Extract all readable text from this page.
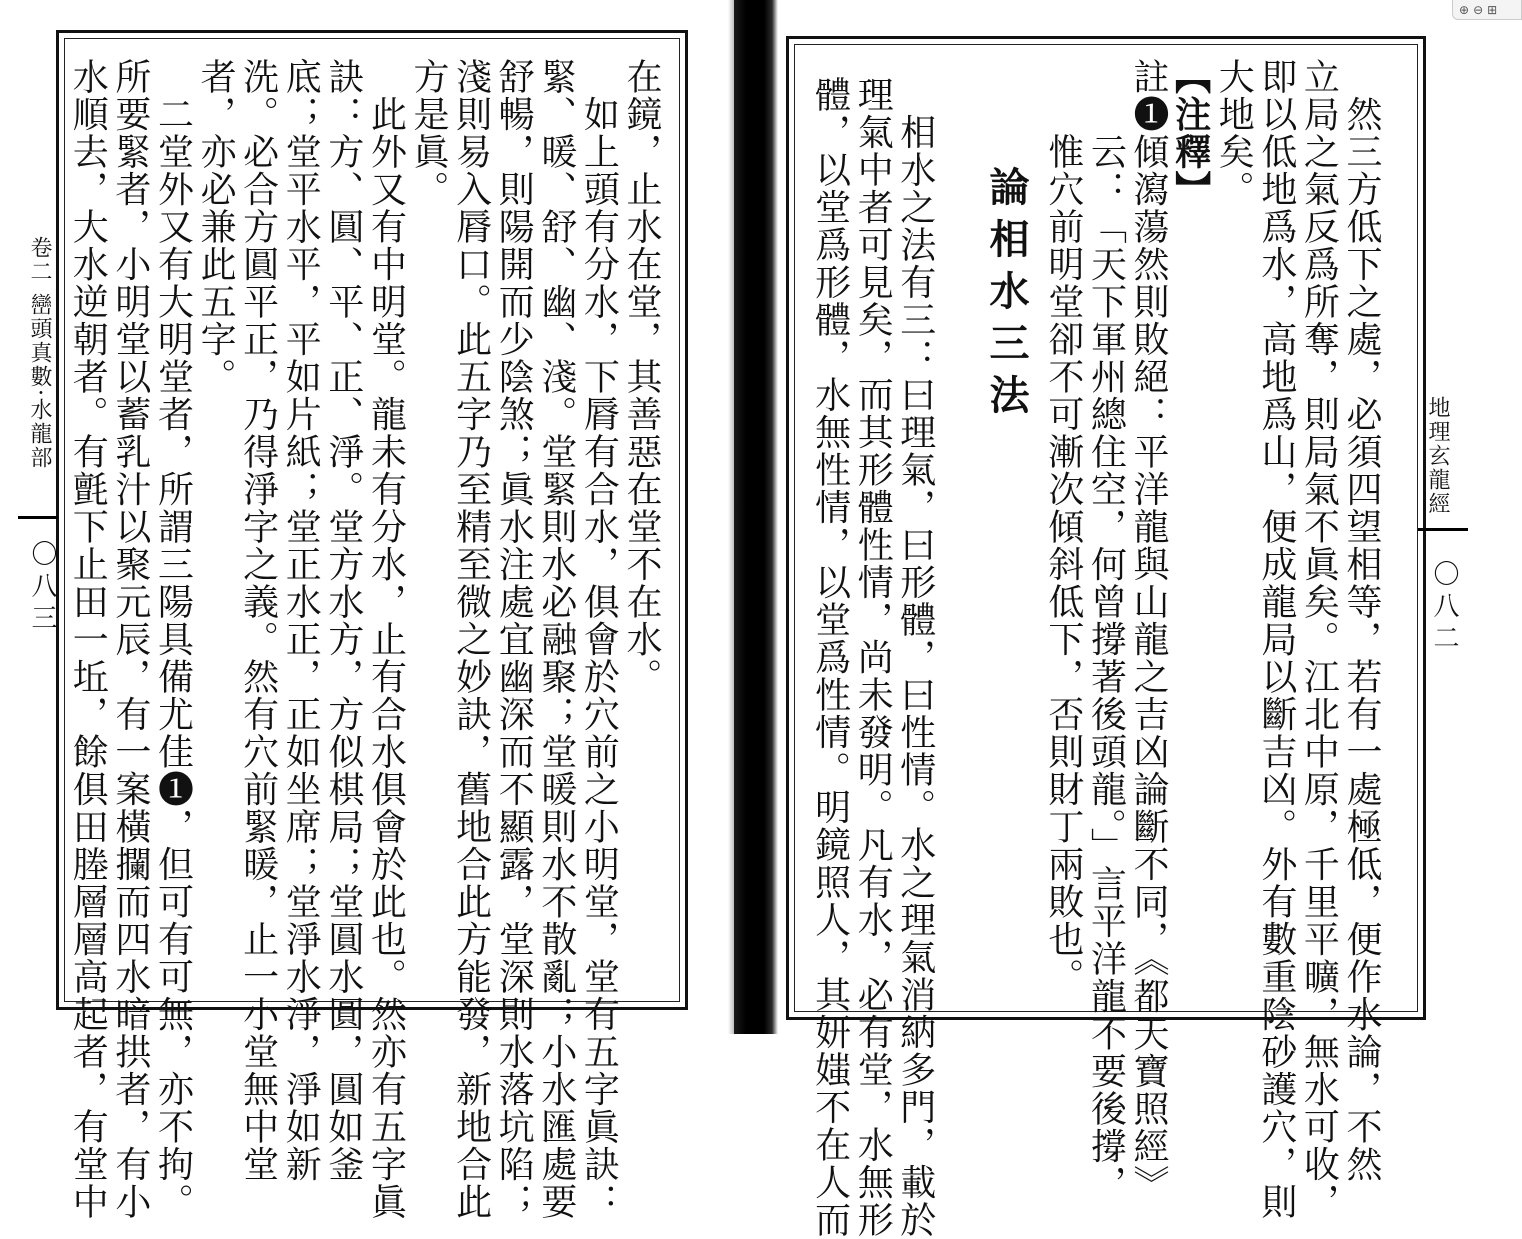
在鏡，止水在堂，其善惡在堂不在水。
　如上頭有分水，下脣有合水，俱會於穴前之小明堂，堂有五字眞訣：
緊、暖、舒、幽、淺。堂緊則水必融聚；堂暖則水不散亂；小水匯處要
舒暢，則陽開而少陰煞；眞水注處宜幽深而不顯露，堂深則水落坑陷；
淺則易入脣口。此五字乃至精至微之妙訣，舊地合此方能發，新地合此
方是眞。
　此外又有中明堂。龍未有分水，止有合水俱會於此也。然亦有五字眞
訣：方、圓、平、正、淨。堂方水方，方似棋局；堂圓水圓，圓如釜
底；堂平水平，平如片紙；堂正水正，正如坐席；堂淨水淨，淨如新
洗。必合方圓平正，乃得淨字之義。然有穴前緊暖，止一小堂無中堂
者，亦必兼此五字。
　二堂外又有大明堂者，所謂三陽具備尤佳❶，但可有可無，亦不拘。
所要緊者，小明堂以蓄乳汁以聚元辰，有一案橫攔而四水暗拱者，有小
水順去，大水逆朝者。有氈下止田一坵，餘俱田塍層層高起者，有堂中
卷二 巒頭真數·水龍部
〇八三	　然三方低下之處，必須四望相等，若有一處極低，便作水論，不然
立局之氣反爲所奪，則局氣不眞矣。江北中原，千里平曠，無水可收，
即以低地爲水，高地爲山，便成龍局以斷吉凶。外有數重陰砂護穴，則
大地矣。
【注釋】
註❶傾瀉蕩然則敗絕：平洋龍與山龍之吉凶論斷不同，《都天寶照經》
　　云：「天下軍州總住空，何曾撐著後頭龍。」言平洋龍不要後撐，
　　惟穴前明堂卻不可漸次傾斜低下，否則財丁兩敗也。
論相水三法
　相水之法有三：曰理氣，曰形體，曰性情。水之理氣消納多門，載於
理氣中者可見矣，而其形體性情，尚未發明。凡有水，必有堂，水無形
體，以堂爲形體，水無性情，以堂爲性情。明鏡照人，其妍媸不在人而	地理玄龍經
〇八二
⊕ ⊖ ⊞
